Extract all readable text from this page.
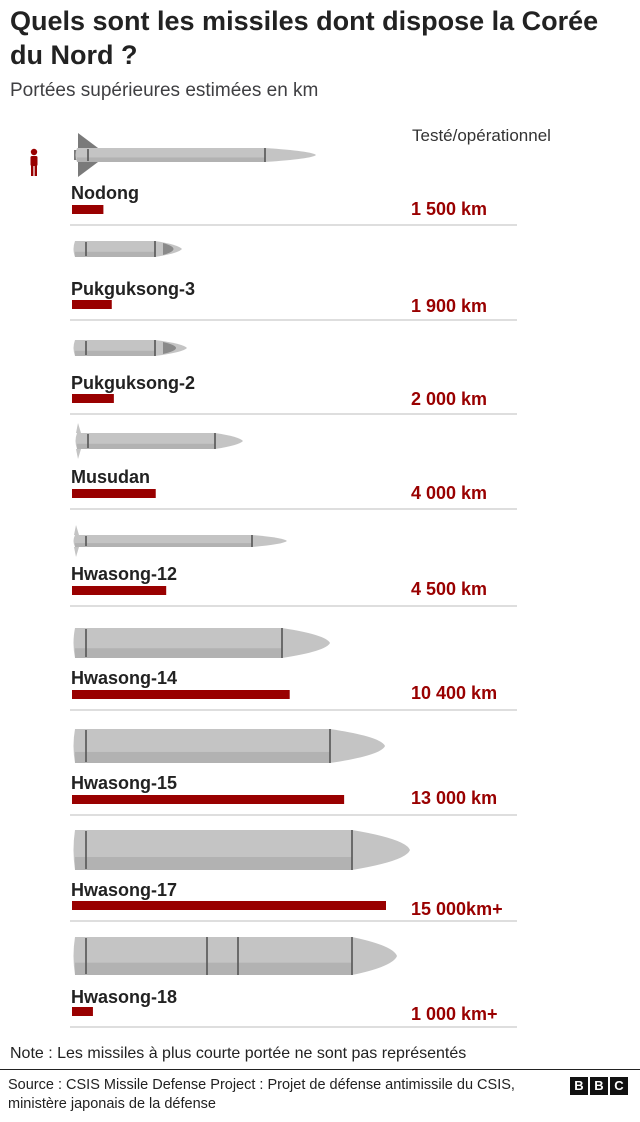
Quels sont les missiles dont dispose la Corée du Nord ?
Portées supérieures estimées en km
Testé/opérationnel
Nodong
1 500 km
Pukguksong-3
1 900 km
Pukguksong-2
2 000 km
Musudan
4 000 km
Hwasong-12
4 500 km
Hwasong-14
10 400 km
Hwasong-15
13 000 km
Hwasong-17
15 000km+
Hwasong-18
1 000 km+
Note : Les missiles à plus courte portée ne sont pas représentés
Source : CSIS Missile Defense Project : Projet de défense antimissile du CSIS, ministère japonais de la défense
B B C
